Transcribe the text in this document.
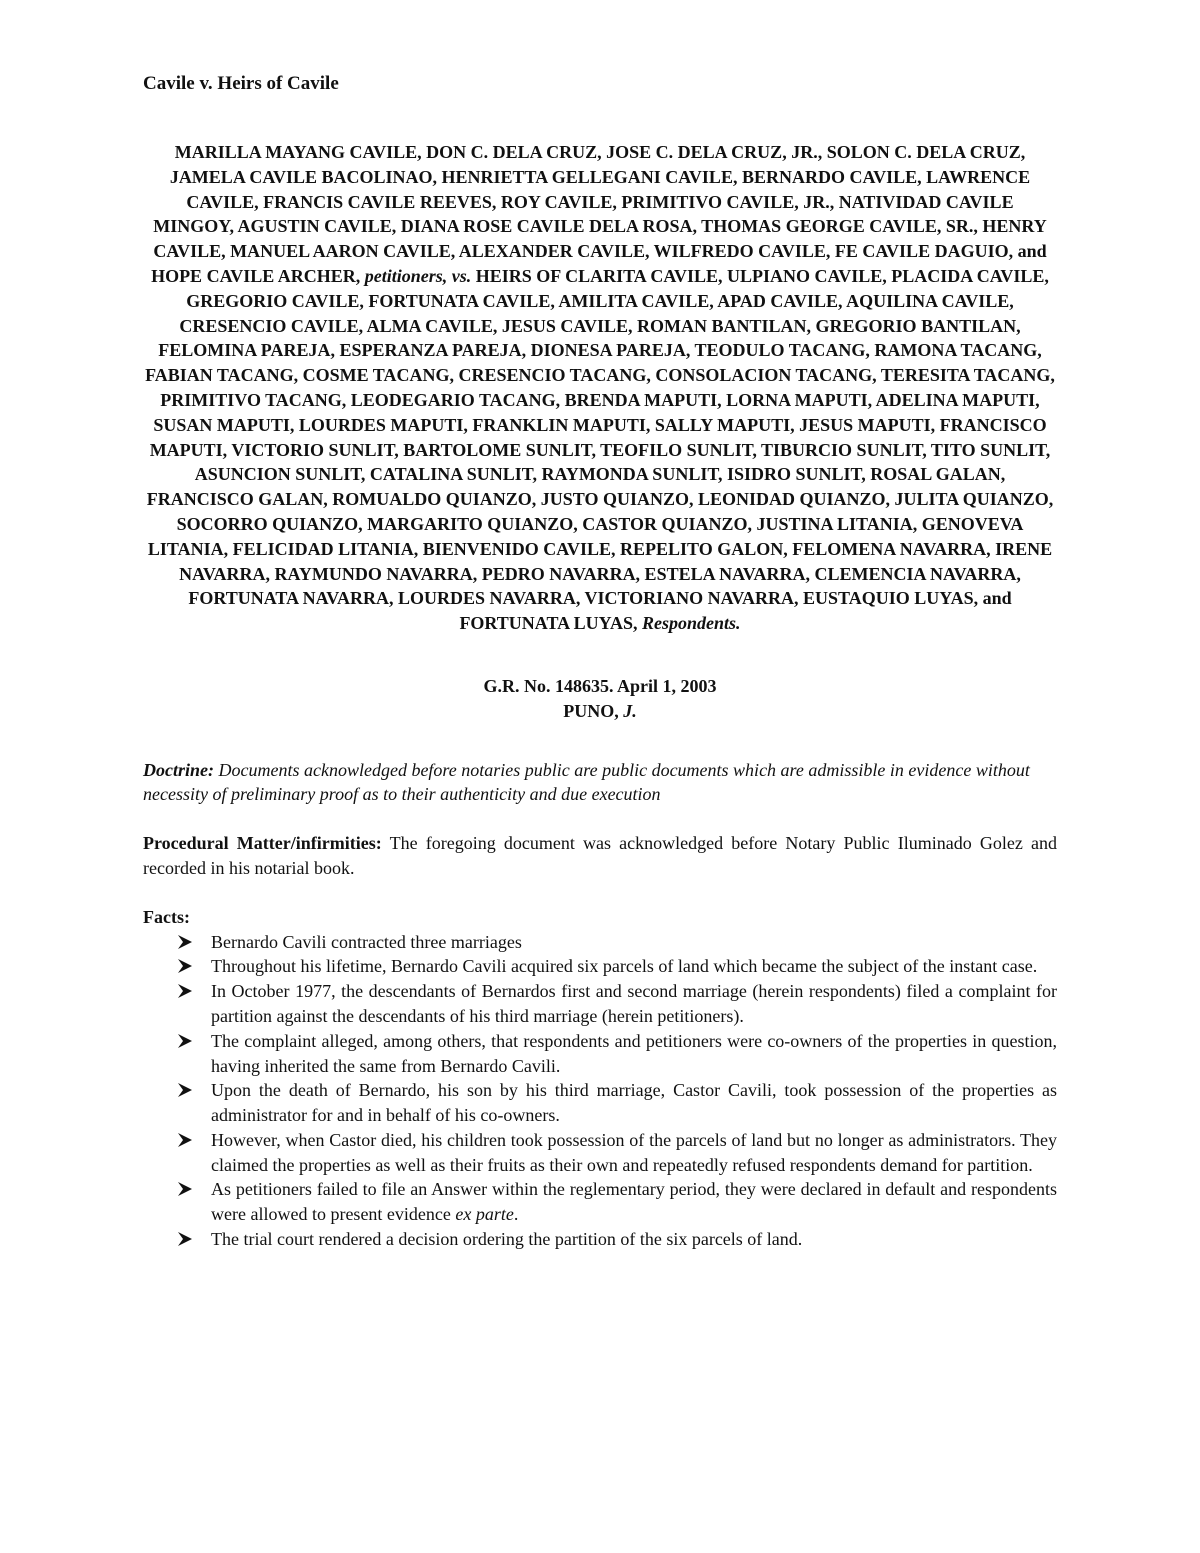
Cavile v. Heirs of Cavile
MARILLA MAYANG CAVILE, DON C. DELA CRUZ, JOSE C. DELA CRUZ, JR., SOLON C. DELA CRUZ, JAMELA CAVILE BACOLINAO, HENRIETTA GELLEGANI CAVILE, BERNARDO CAVILE, LAWRENCE CAVILE, FRANCIS CAVILE REEVES, ROY CAVILE, PRIMITIVO CAVILE, JR., NATIVIDAD CAVILE MINGOY, AGUSTIN CAVILE, DIANA ROSE CAVILE DELA ROSA, THOMAS GEORGE CAVILE, SR., HENRY CAVILE, MANUEL AARON CAVILE, ALEXANDER CAVILE, WILFREDO CAVILE, FE CAVILE DAGUIO, and HOPE CAVILE ARCHER, petitioners, vs. HEIRS OF CLARITA CAVILE, ULPIANO CAVILE, PLACIDA CAVILE, GREGORIO CAVILE, FORTUNATA CAVILE, AMILITA CAVILE, APAD CAVILE, AQUILINA CAVILE, CRESENCIO CAVILE, ALMA CAVILE, JESUS CAVILE, ROMAN BANTILAN, GREGORIO BANTILAN, FELOMINA PAREJA, ESPERANZA PAREJA, DIONESA PAREJA, TEODULO TACANG, RAMONA TACANG, FABIAN TACANG, COSME TACANG, CRESENCIO TACANG, CONSOLACION TACANG, TERESITA TACANG, PRIMITIVO TACANG, LEODEGARIO TACANG, BRENDA MAPUTI, LORNA MAPUTI, ADELINA MAPUTI, SUSAN MAPUTI, LOURDES MAPUTI, FRANKLIN MAPUTI, SALLY MAPUTI, JESUS MAPUTI, FRANCISCO MAPUTI, VICTORIO SUNLIT, BARTOLOME SUNLIT, TEOFILO SUNLIT, TIBURCIO SUNLIT, TITO SUNLIT, ASUNCION SUNLIT, CATALINA SUNLIT, RAYMONDA SUNLIT, ISIDRO SUNLIT, ROSAL GALAN, FRANCISCO GALAN, ROMUALDO QUIANZO, JUSTO QUIANZO, LEONIDAD QUIANZO, JULITA QUIANZO, SOCORRO QUIANZO, MARGARITO QUIANZO, CASTOR QUIANZO, JUSTINA LITANIA, GENOVEVA LITANIA, FELICIDAD LITANIA, BIENVENIDO CAVILE, REPELITO GALON, FELOMENA NAVARRA, IRENE NAVARRA, RAYMUNDO NAVARRA, PEDRO NAVARRA, ESTELA NAVARRA, CLEMENCIA NAVARRA, FORTUNATA NAVARRA, LOURDES NAVARRA, VICTORIANO NAVARRA, EUSTAQUIO LUYAS, and FORTUNATA LUYAS, Respondents.
G.R. No. 148635. April 1, 2003
PUNO, J.
Doctrine: Documents acknowledged before notaries public are public documents which are admissible in evidence without necessity of preliminary proof as to their authenticity and due execution
Procedural Matter/infirmities: The foregoing document was acknowledged before Notary Public Iluminado Golez and recorded in his notarial book.
Facts:
Bernardo Cavili contracted three marriages
Throughout his lifetime, Bernardo Cavili acquired six parcels of land which became the subject of the instant case.
In October 1977, the descendants of Bernardos first and second marriage (herein respondents) filed a complaint for partition against the descendants of his third marriage (herein petitioners).
The complaint alleged, among others, that respondents and petitioners were co-owners of the properties in question, having inherited the same from Bernardo Cavili.
Upon the death of Bernardo, his son by his third marriage, Castor Cavili, took possession of the properties as administrator for and in behalf of his co-owners.
However, when Castor died, his children took possession of the parcels of land but no longer as administrators. They claimed the properties as well as their fruits as their own and repeatedly refused respondents demand for partition.
As petitioners failed to file an Answer within the reglementary period, they were declared in default and respondents were allowed to present evidence ex parte.
The trial court rendered a decision ordering the partition of the six parcels of land.
